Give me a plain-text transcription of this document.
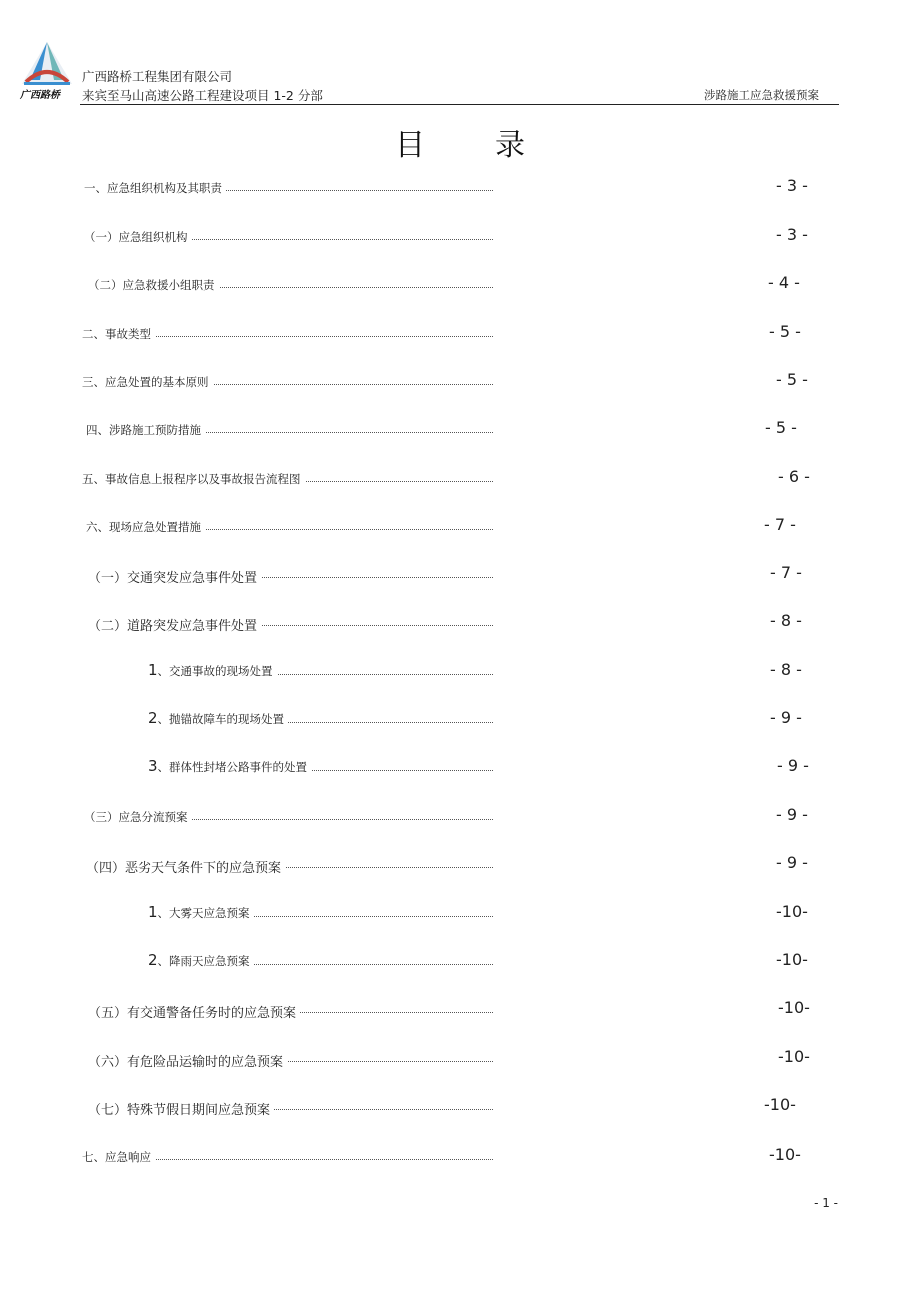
广西路桥
广西路桥工程集团有限公司
来宾至马山高速公路工程建设项目 1-2 分部	涉路施工应急救援预案
目录
一、应急组织机构及其职责	- 3 -
（一）应急组织机构	- 3 -
（二）应急救援小组职责	- 4 -
二、事故类型	- 5 -
三、应急处置的基本原则	- 5 -
四、涉路施工预防措施	- 5 -
五、事故信息上报程序以及事故报告流程图	- 6 -
六、现场应急处置措施	- 7 -
（一）交通突发应急事件处置	- 7 -
（二）道路突发应急事件处置	- 8 -
1、交通事故的现场处置	- 8 -
2、抛锚故障车的现场处置	- 9 -
3、群体性封堵公路事件的处置	- 9 -
（三）应急分流预案	- 9 -
（四）恶劣天气条件下的应急预案	- 9 -
1、大雾天应急预案	-10-
2、降雨天应急预案	-10-
（五）有交通警备任务时的应急预案	-10-
（六）有危险品运输时的应急预案	-10-
（七）特殊节假日期间应急预案	-10-
七、应急响应	-10-
- 1 -
